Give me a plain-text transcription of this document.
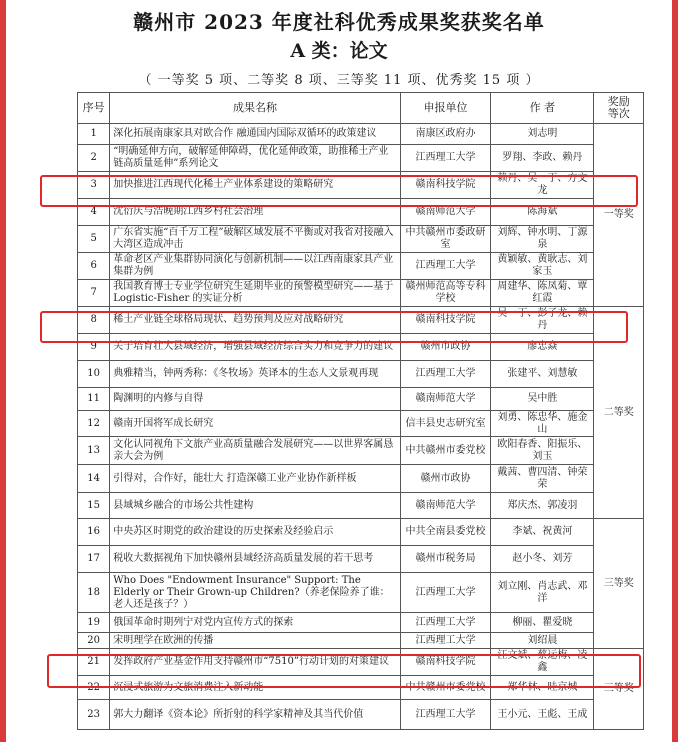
赣州市 2023 年度社科优秀成果奖获奖名单
A 类：论文
（ 一等奖 5 项、二等奖 8 项、三等奖 11 项、优秀奖 15 项 ）
序号	成果名称	申报单位	作 者	奖励
等次
1	深化拓展南康家具对欧合作 融通国内国际双循环的政策建议	南康区政府办	刘志明	一等奖
2	“明确延伸方向，破解延伸障碍，优化延伸政策，助推稀土产业链高质量延伸”系列论文	江西理工大学	罗翔、李政、赖丹	
3	加快推进江西现代化稀土产业体系建设的策略研究	赣南科技学院	赖丹、吴一丁、方文龙	
4	沈衍庆与浩晚期江西乡村社会治理	赣南师范大学	陈海斌	
5	广东省实施“百千万工程”破解区域发展不平衡或对我省对接融入大湾区造成冲击	中共赣州市委政研室	刘辉、钟水明、丁源泉	
6	革命老区产业集群协同演化与创新机制——以江西南康家具产业集群为例	江西理工大学	黄颖敏、黄耿志、刘家玉	
7	我国教育博士专业学位研究生延期毕业的预警模型研究——基于 Logistic-Fisher 的实证分析	赣州师范高等专科学校	周建华、陈凤菊、覃红霞	
8	稀土产业链全球格局现状、趋势预判及应对战略研究	赣南科技学院	吴一丁、彭子龙、赖丹	二等奖
9	关于培育壮大县域经济，增强县域经济综合实力和竞争力的建议	赣州市政协	廖忠焱	
10	典雅精当，钟两秀称：《冬牧场》英译本的生态人文景观再现	江西理工大学	张建平、刘慧敏	
11	陶渊明的内修与自得	赣南师范大学	吴中胜	
12	赣南开国将军成长研究	信丰县史志研究室	刘勇、陈忠华、施金山	
13	文化认同视角下文旅产业高质量融合发展研究——以世界客属恳亲大会为例	中共赣州市委党校	欧阳春香、阳振乐、刘玉	
14	引得对，合作好，能壮大 打造深赣工业产业协作新样板	赣州市政协	戴茜、曹四清、钟荣荣	
15	县域城乡融合的市场公共性建构	赣南师范大学	郑庆杰、郭凌羽	
16	中央苏区时期党的政治建设的历史探索及经验启示	中共全南县委党校	李斌、祝黄河	三等奖
17	税收大数据视角下加快赣州县域经济高质量发展的若干思考	赣州市税务局	赵小冬、刘芳	
18	Who Does "Endowment Insurance" Support: The Elderly or Their Grown-up Children?（养老保险养了谁：老人还是孩子？）	江西理工大学	刘立刚、肖志武、邓洋	
19	俄国革命时期列宁对党内宣传方式的探索	江西理工大学	柳丽、瞿爱晓	
20	宋明理学在欧洲的传播	江西理工大学	刘绍晨	
21	发挥政府产业基金作用支持赣州市“7510”行动计划的对策建议	赣南科技学院	汪文斌、蔡运梅、凌鑫	三等奖
22	沉浸式旅游为文旅消费注入新动能	中共赣州市委党校	郑华林、眭京城	
23	郭大力翻译《资本论》所折射的科学家精神及其当代价值	江西理工大学	王小元、王彪、王成	
